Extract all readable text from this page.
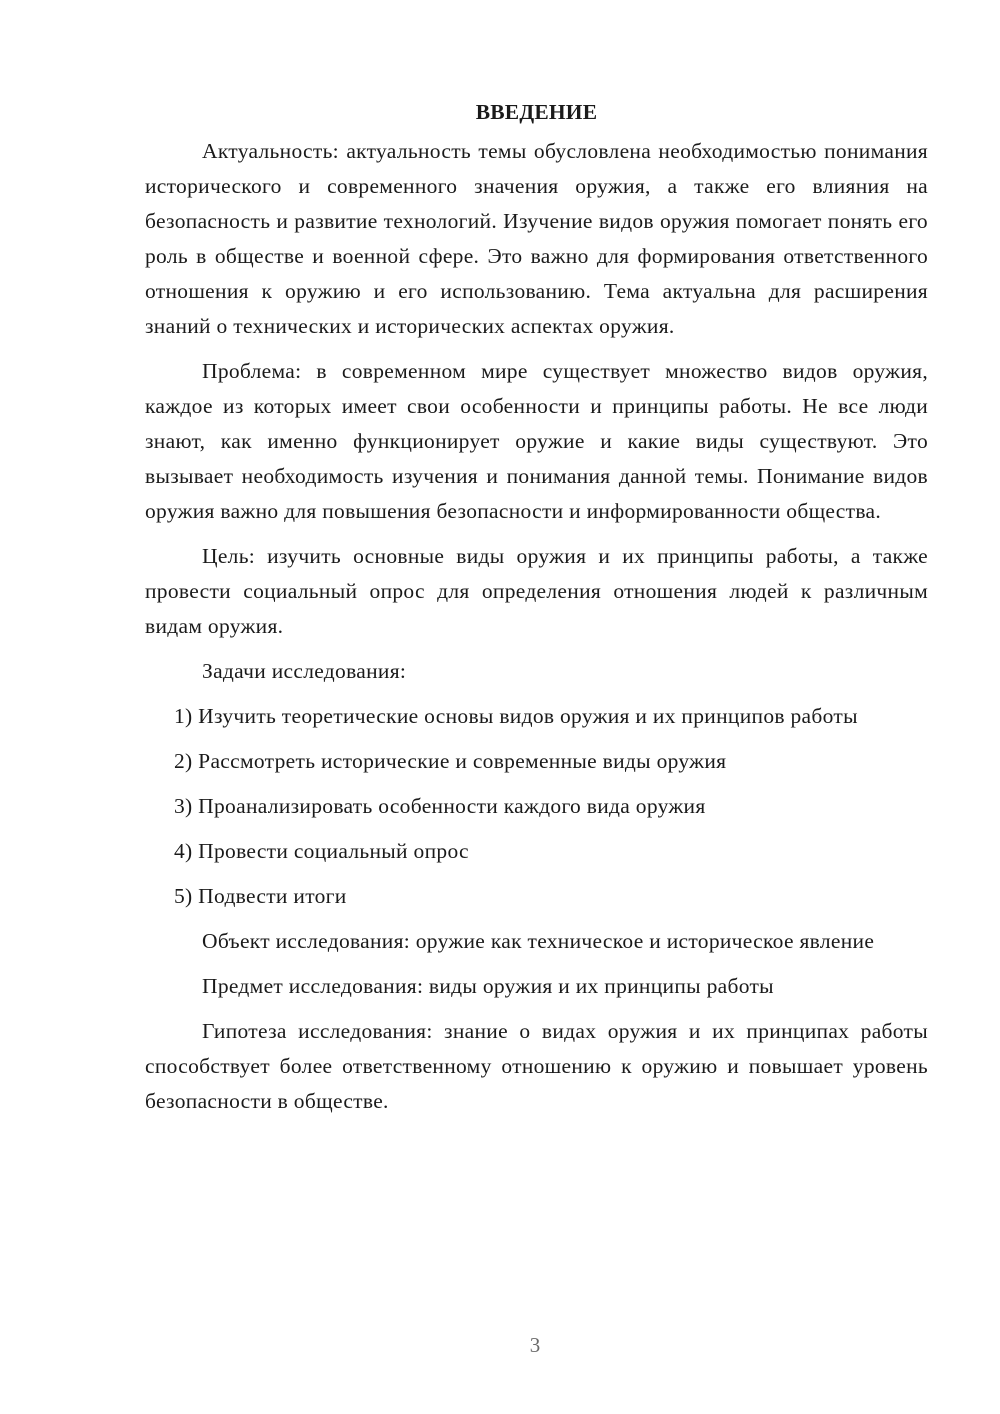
ВВЕДЕНИЕ

Актуальность: актуальность темы обусловлена необходимостью понимания исторического и современного значения оружия, а также его влияния на безопасность и развитие технологий. Изучение видов оружия помогает понять его роль в обществе и военной сфере. Это важно для формирования ответственного отношения к оружию и его использованию. Тема актуальна для расширения знаний о технических и исторических аспектах оружия.

Проблема: в современном мире существует множество видов оружия, каждое из которых имеет свои особенности и принципы работы. Не все люди знают, как именно функционирует оружие и какие виды существуют. Это вызывает необходимость изучения и понимания данной темы. Понимание видов оружия важно для повышения безопасности и информированности общества.

Цель: изучить основные виды оружия и их принципы работы, а также провести социальный опрос для определения отношения людей к различным видам оружия.

Задачи исследования:

1) Изучить теоретические основы видов оружия и их принципов работы

2) Рассмотреть исторические и современные виды оружия

3) Проанализировать особенности каждого вида оружия

4) Провести социальный опрос

5) Подвести итоги

Объект исследования: оружие как техническое и историческое явление

Предмет исследования: виды оружия и их принципы работы

Гипотеза исследования: знание о видах оружия и их принципах работы способствует более ответственному отношению к оружию и повышает уровень безопасности в обществе.

3
